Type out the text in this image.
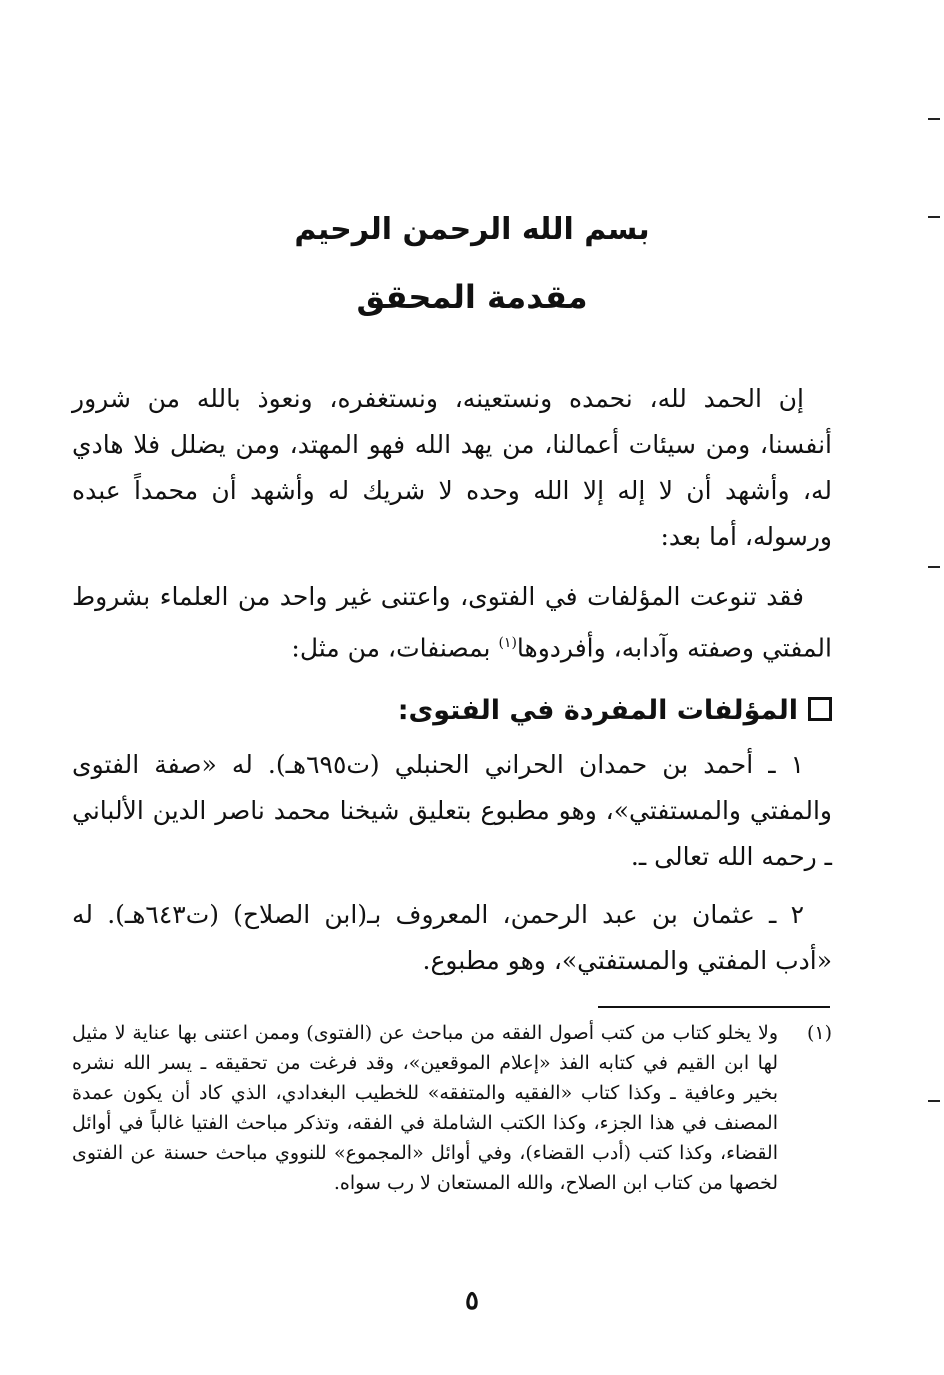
بسم الله الرحمن الرحيم
مقدمة المحقق
إن الحمد لله، نحمده ونستعينه، ونستغفره، ونعوذ بالله من شرور أنفسنا، ومن سيئات أعمالنا، من يهد الله فهو المهتد، ومن يضلل فلا هادي له، وأشهد أن لا إله إلا الله وحده لا شريك له وأشهد أن محمداً عبده ورسوله، أما بعد:
فقد تنوعت المؤلفات في الفتوى، واعتنى غير واحد من العلماء بشروط المفتي وصفته وآدابه، وأفردوها$^{(١)}$ بمصنفات، من مثل:
المؤلفات المفردة في الفتوى:
١ ـ أحمد بن حمدان الحراني الحنبلي (ت٦٩٥هـ). له «صفة الفتوى والمفتي والمستفتي»، وهو مطبوع بتعليق شيخنا محمد ناصر الدين الألباني ـ رحمه الله تعالى ـ.
٢ ـ عثمان بن عبد الرحمن، المعروف بـ(ابن الصلاح) (ت٦٤٣هـ). له «أدب المفتي والمستفتي»، وهو مطبوع.
(١)
ولا يخلو كتاب من كتب أصول الفقه من مباحث عن (الفتوى) وممن اعتنى بها عناية لا مثيل لها ابن القيم في كتابه الفذ «إعلام الموقعين»، وقد فرغت من تحقيقه ـ يسر الله نشره بخير وعافية ـ وكذا كتاب «الفقيه والمتفقه» للخطيب البغدادي، الذي كاد أن يكون عمدة المصنف في هذا الجزء، وكذا الكتب الشاملة في الفقه، وتذكر مباحث الفتيا غالباً في أوائل القضاء، وكذا كتب (أدب القضاء)، وفي أوائل «المجموع» للنووي مباحث حسنة عن الفتوى لخصها من كتاب ابن الصلاح، والله المستعان لا رب سواه.
٥
